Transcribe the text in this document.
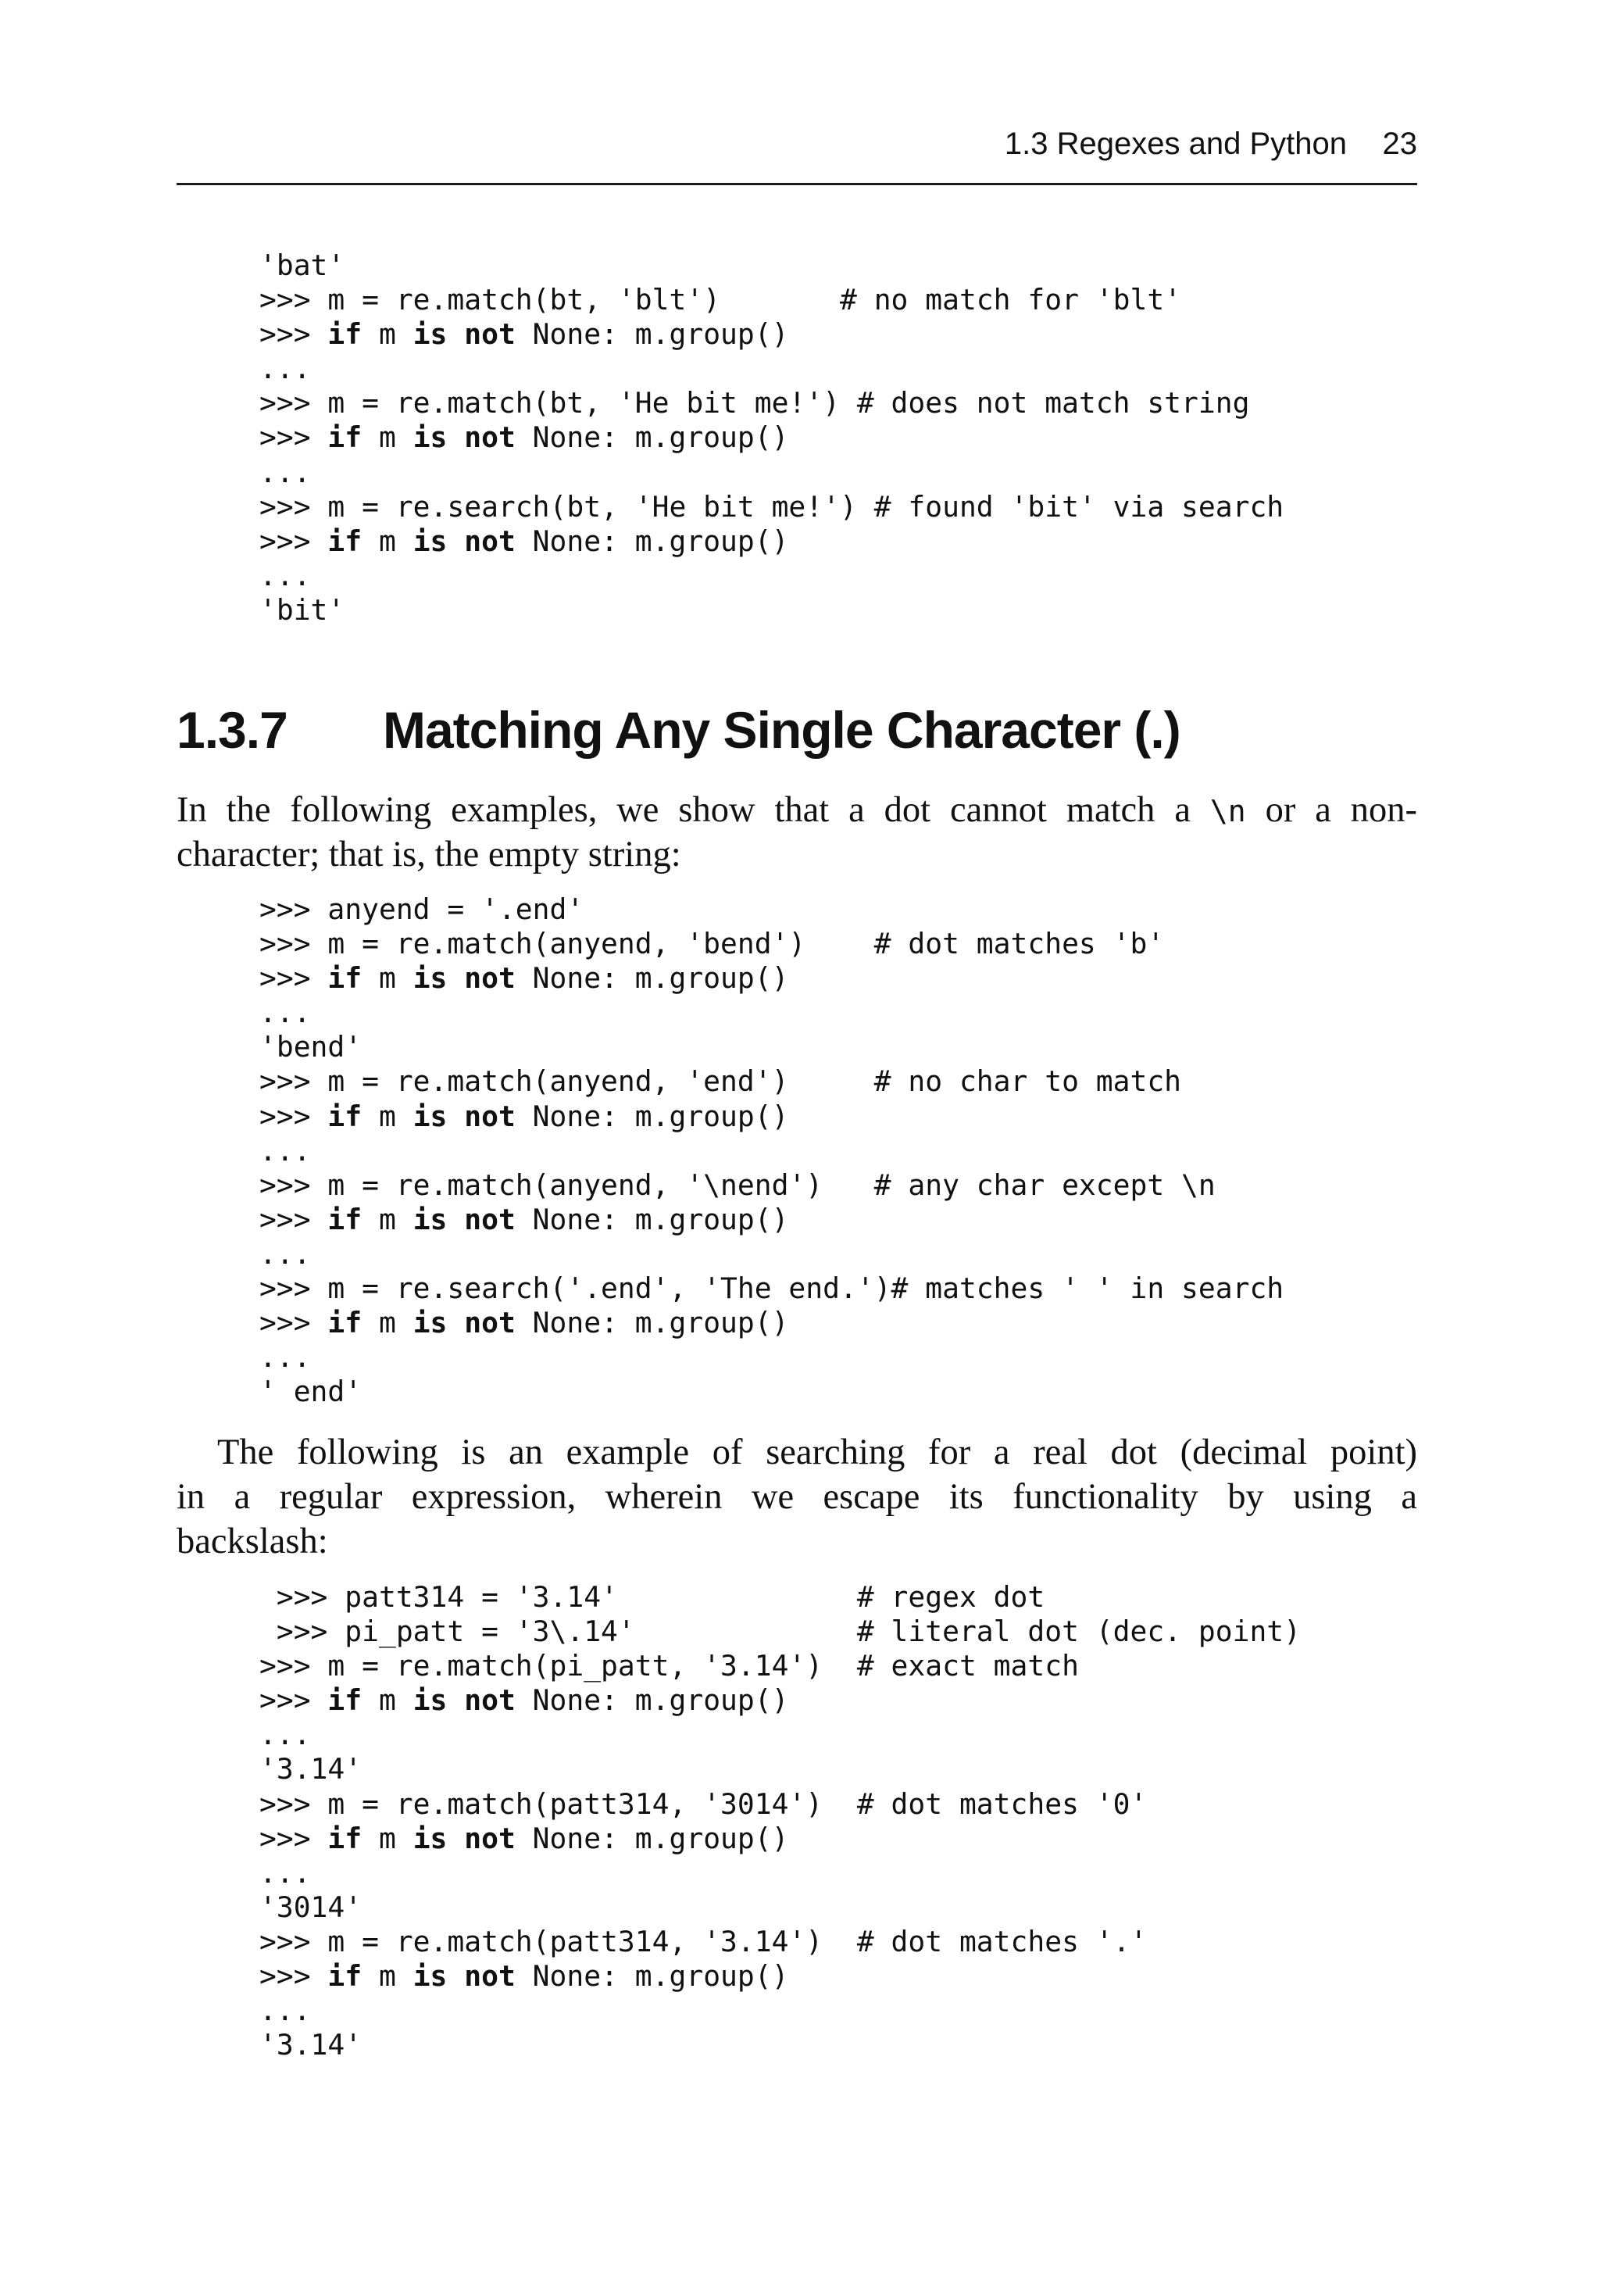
1.3 Regexes and Python 23
'bat'
>>> m = re.match(bt, 'blt')       # no match for 'blt'
>>> if m is not None: m.group()
...
>>> m = re.match(bt, 'He bit me!') # does not match string
>>> if m is not None: m.group()
...
>>> m = re.search(bt, 'He bit me!') # found 'bit' via search
>>> if m is not None: m.group()
...
'bit'
1.3.7 Matching Any Single Character (.)

In the following examples, we show that a dot cannot match a \n or a non-
character; that is, the empty string:

>>> anyend = '.end'
>>> m = re.match(anyend, 'bend')    # dot matches 'b'
>>> if m is not None: m.group()
...
'bend'
>>> m = re.match(anyend, 'end')     # no char to match
>>> if m is not None: m.group()
...
>>> m = re.match(anyend, '\nend')   # any char except \n
>>> if m is not None: m.group()
...
>>> m = re.search('.end', 'The end.')# matches ' ' in search
>>> if m is not None: m.group()
...
' end'

The following is an example of searching for a real dot (decimal point)
in a regular expression, wherein we escape its functionality by using a
backslash:

>>> patt314 = '3.14'              # regex dot
>>> pi_patt = '3\.14'             # literal dot (dec. point)
>>> m = re.match(pi_patt, '3.14')  # exact match
>>> if m is not None: m.group()
...
'3.14'
>>> m = re.match(patt314, '3014')  # dot matches '0'
>>> if m is not None: m.group()
...
'3014'
>>> m = re.match(patt314, '3.14')  # dot matches '.'
>>> if m is not None: m.group()
...
'3.14'
